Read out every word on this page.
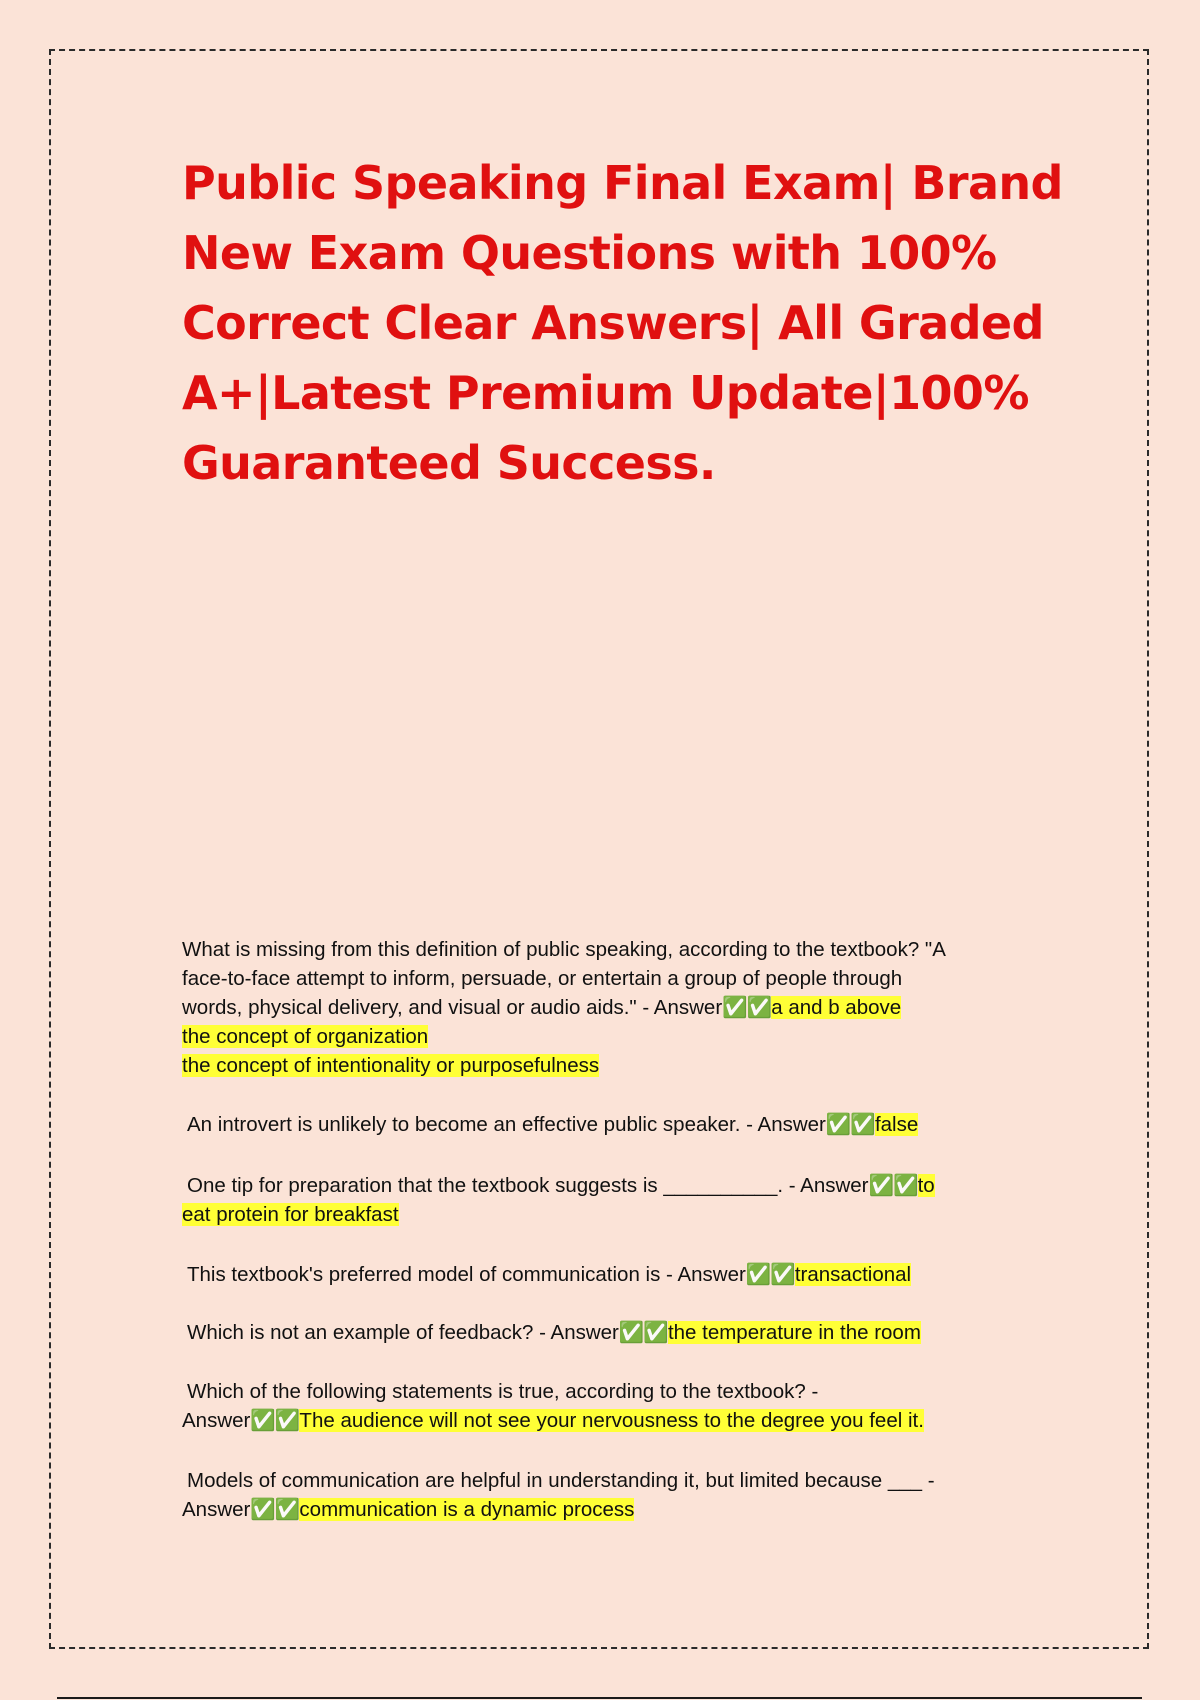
Public Speaking Final Exam| Brand
New Exam Questions with 100%
Correct Clear Answers| All Graded
A+|Latest Premium Update|100%
Guaranteed Success.
What is missing from this definition of public speaking, according to the textbook? "A
face-to-face attempt to inform, persuade, or entertain a group of people through
words, physical delivery, and visual or audio aids." - Answer✅✅a and b above
the concept of organization
the concept of intentionality or purposefulness
An introvert is unlikely to become an effective public speaker. - Answer✅✅false
One tip for preparation that the textbook suggests is __________. - Answer✅✅to
eat protein for breakfast
This textbook's preferred model of communication is - Answer✅✅transactional
Which is not an example of feedback? - Answer✅✅the temperature in the room
Which of the following statements is true, according to the textbook? -
Answer✅✅The audience will not see your nervousness to the degree you feel it.
Models of communication are helpful in understanding it, but limited because ___ -
Answer✅✅communication is a dynamic process
